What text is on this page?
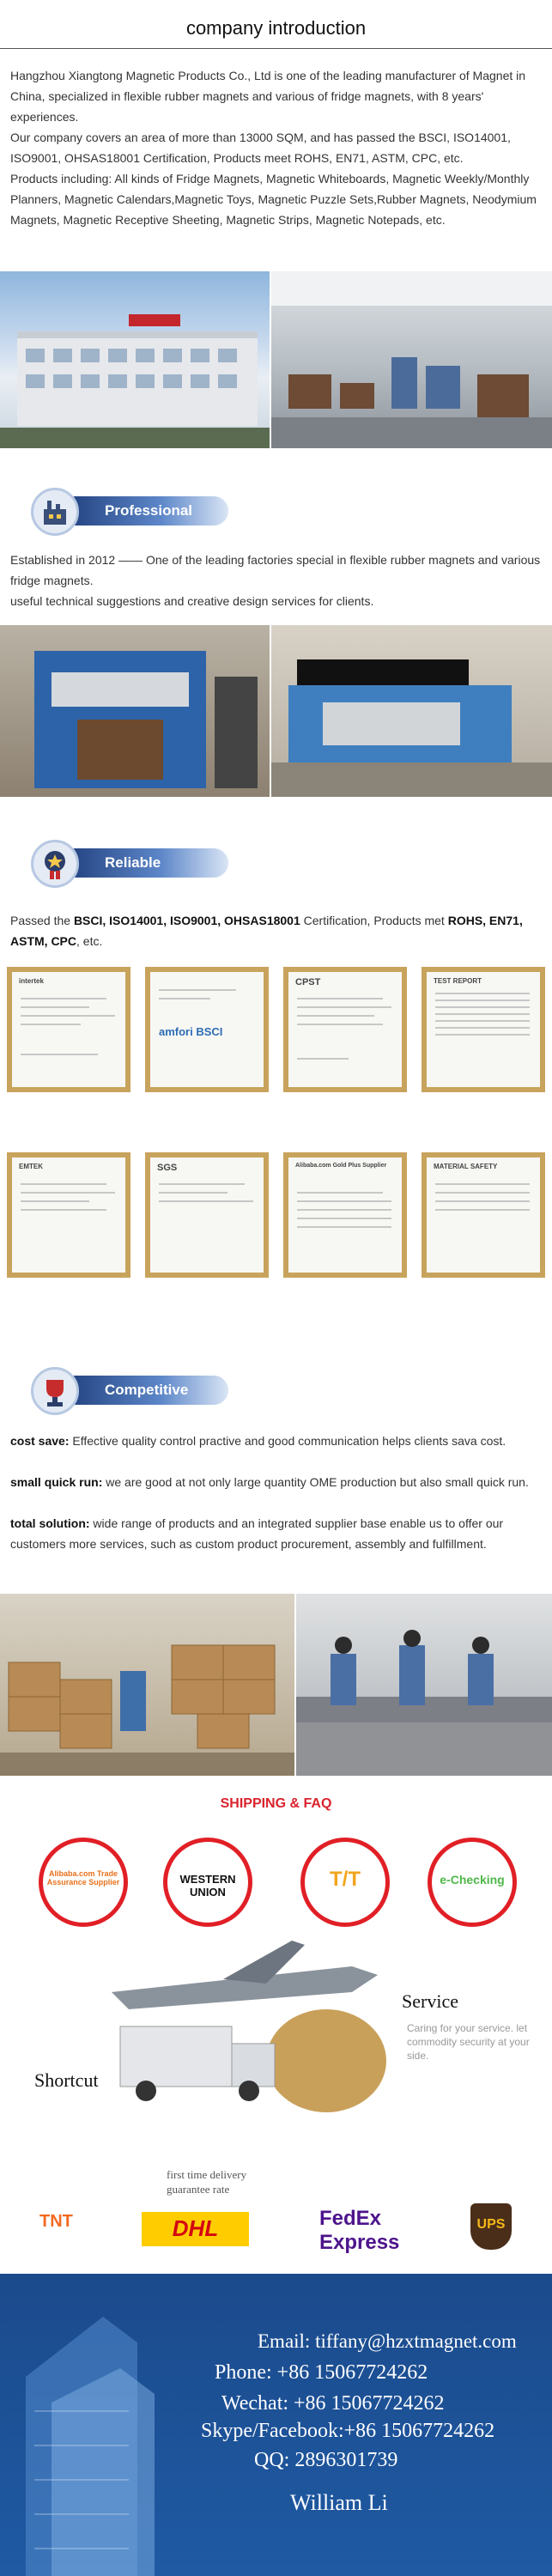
company introduction
Hangzhou Xiangtong Magnetic Products Co., Ltd is one of the leading manufacturer of Magnet in China, specialized in flexible rubber magnets and various of fridge magnets, with 8 years' experiences.
Our company covers an area of more than 13000 SQM, and has passed the BSCI, ISO14001, ISO9001, OHSAS18001 Certification, Products meet ROHS, EN71, ASTM, CPC, etc.
Products including: All kinds of Fridge Magnets, Magnetic Whiteboards, Magnetic Weekly/Monthly Planners, Magnetic Calendars,Magnetic Toys, Magnetic Puzzle Sets,Rubber Magnets, Neodymium Magnets, Magnetic Receptive Sheeting, Magnetic Strips, Magnetic Notepads, etc.
Professional
Established in 2012 —— One of the leading factories special in flexible rubber magnets and various fridge magnets.
useful technical suggestions and creative design services for clients.
Reliable
Passed the BSCI, ISO14001, ISO9001, OHSAS18001 Certification, Products met ROHS, EN71, ASTM, CPC, etc.
intertek
amfori BSCI
CPST	TEST REPORT
EMTEK	SGS	Alibaba.com Gold Plus Supplier	MATERIAL SAFETY
Competitive
cost save: Effective quality control practive and good communication helps clients sava cost.
small quick run: we are good at not only large quantity OME production but also small quick run.
total solution: wide range of products and an integrated supplier base enable us to offer our customers more services, such as custom product procurement, assembly and fulfillment.
SHIPPING & FAQ
Alibaba.com Trade Assurance Supplier	WESTERN UNION
T/T	e-Checking
Service
Caring for your service. let commodity security at your side.
Shortcut
first time delivery guarantee rate
TNT	DHL	FedEx Express
UPS
Email: tiffany@hzxtmagnet.com
Phone: +86 15067724262
Wechat: +86 15067724262
Skype/Facebook:+86 15067724262
QQ: 2896301739
William Li
